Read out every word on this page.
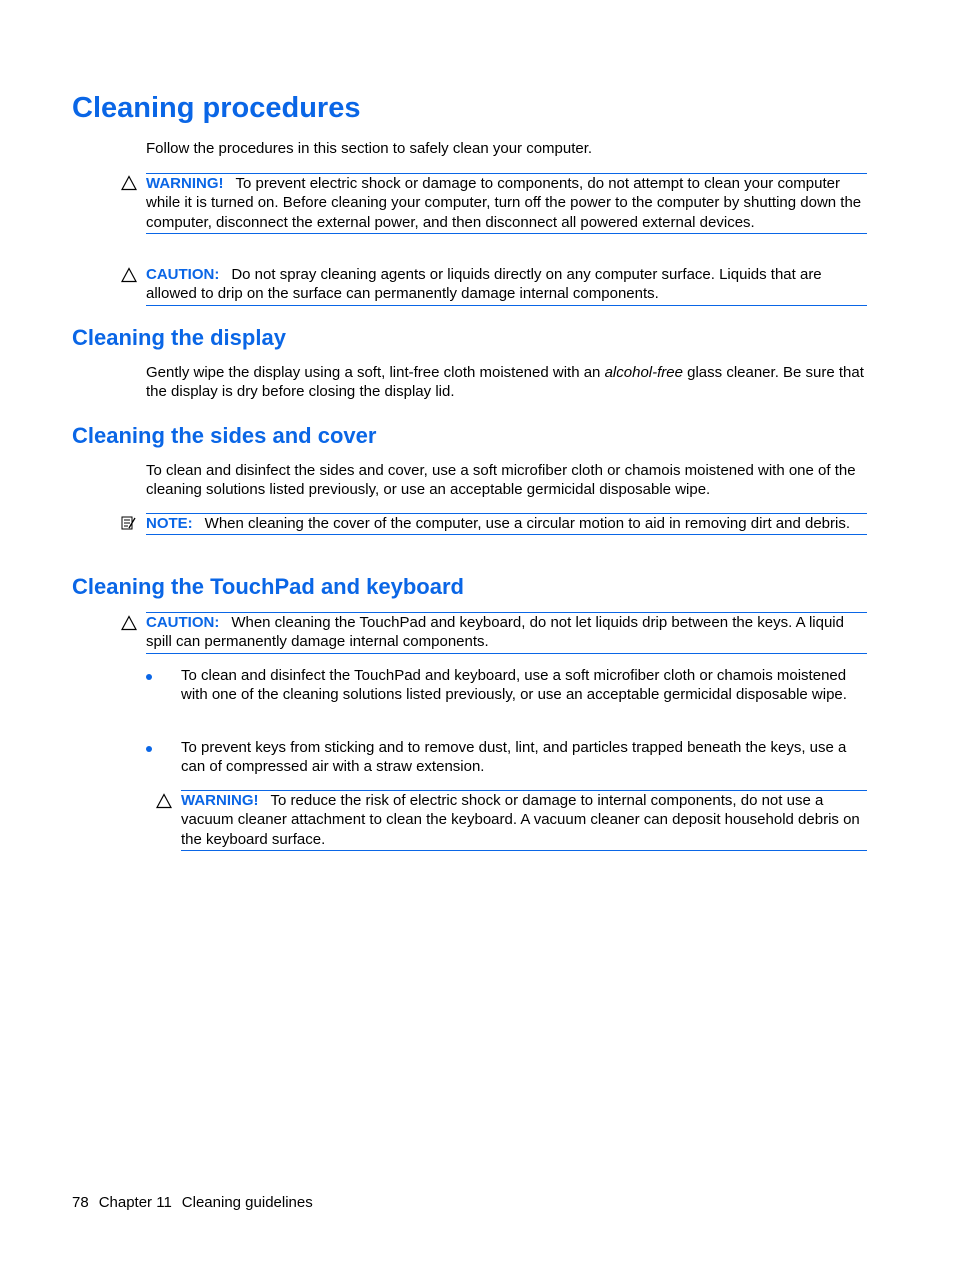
Cleaning procedures

Follow the procedures in this section to safely clean your computer.

WARNING! To prevent electric shock or damage to components, do not attempt to clean your computer while it is turned on. Before cleaning your computer, turn off the power to the computer by shutting down the computer, disconnect the external power, and then disconnect all powered external devices.
CAUTION: Do not spray cleaning agents or liquids directly on any computer surface. Liquids that are allowed to drip on the surface can permanently damage internal components.
Cleaning the display

Gently wipe the display using a soft, lint-free cloth moistened with an alcohol-free glass cleaner. Be sure that the display is dry before closing the display lid.

Cleaning the sides and cover

To clean and disinfect the sides and cover, use a soft microfiber cloth or chamois moistened with one of the cleaning solutions listed previously, or use an acceptable germicidal disposable wipe.

NOTE: When cleaning the cover of the computer, use a circular motion to aid in removing dirt and debris.
Cleaning the TouchPad and keyboard
CAUTION: When cleaning the TouchPad and keyboard, do not let liquids drip between the keys. A liquid spill can permanently damage internal components.

To clean and disinfect the TouchPad and keyboard, use a soft microfiber cloth or chamois moistened with one of the cleaning solutions listed previously, or use an acceptable germicidal disposable wipe.

To prevent keys from sticking and to remove dust, lint, and particles trapped beneath the keys, use a can of compressed air with a straw extension.

WARNING! To reduce the risk of electric shock or damage to internal components, do not use a vacuum cleaner attachment to clean the keyboard. A vacuum cleaner can deposit household debris on the keyboard surface.
78 Chapter 11 Cleaning guidelines
